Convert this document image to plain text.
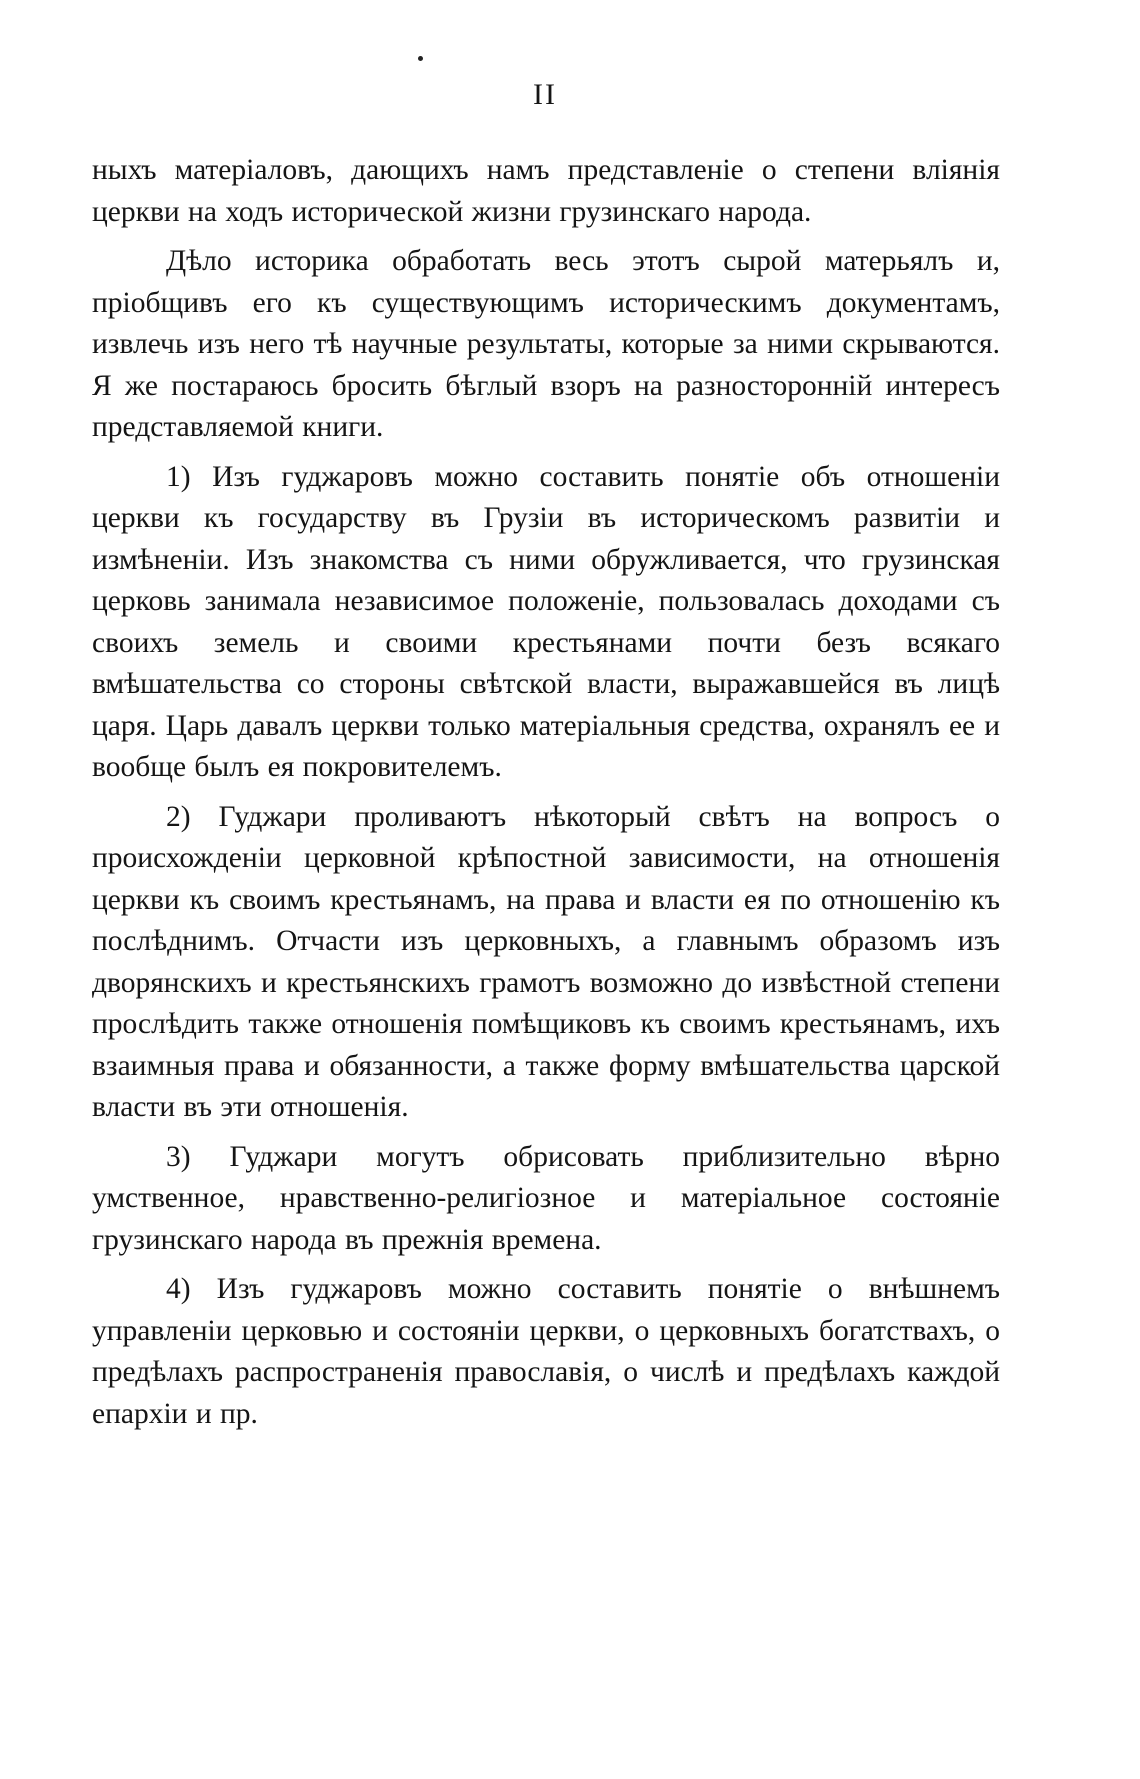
II

ныхъ матеріаловъ, дающихъ намъ представленіе о степени вліянія церкви на ходъ исторической жизни грузинскаго народа.

Дѣло историка обработать весь этотъ сырой матерьялъ и, пріобщивъ его къ существующимъ историческимъ документамъ, извлечь изъ него тѣ научные результаты, которые за ними скрываются. Я же постараюсь бросить бѣглый взоръ на разносторонній интересъ представляемой книги.

1) Изъ гуджаровъ можно составить понятіе объ отношеніи церкви къ государству въ Грузіи въ историческомъ развитіи и измѣненіи. Изъ знакомства съ ними обружливается, что грузинская церковь занимала независимое положеніе, пользовалась доходами съ своихъ земель и своими крестьянами почти безъ всякаго вмѣшательства со стороны свѣтской власти, выражавшейся въ лицѣ царя. Царь давалъ церкви только матеріальныя средства, охранялъ ее и вообще былъ ея покровителемъ.

2) Гуджари проливаютъ нѣкоторый свѣтъ на вопросъ о происхожденіи церковной крѣпостной зависимости, на отношенія церкви къ своимъ крестьянамъ, на права и власти ея по отношенію къ послѣднимъ. Отчасти изъ церковныхъ, а главнымъ образомъ изъ дворянскихъ и крестьянскихъ грамотъ возможно до извѣстной степени прослѣдить также отношенія помѣщиковъ къ своимъ крестьянамъ, ихъ взаимныя права и обязанности, а также форму вмѣшательства царской власти въ эти отношенія.

3) Гуджари могутъ обрисовать приблизительно вѣрно умственное, нравственно-религіозное и матеріальное состояніе грузинскаго народа въ прежнія времена.

4) Изъ гуджаровъ можно составить понятіе о внѣшнемъ управленіи церковью и состояніи церкви, о церковныхъ богатствахъ, о предѣлахъ распространенія православія, о числѣ и предѣлахъ каждой епархіи и пр.
